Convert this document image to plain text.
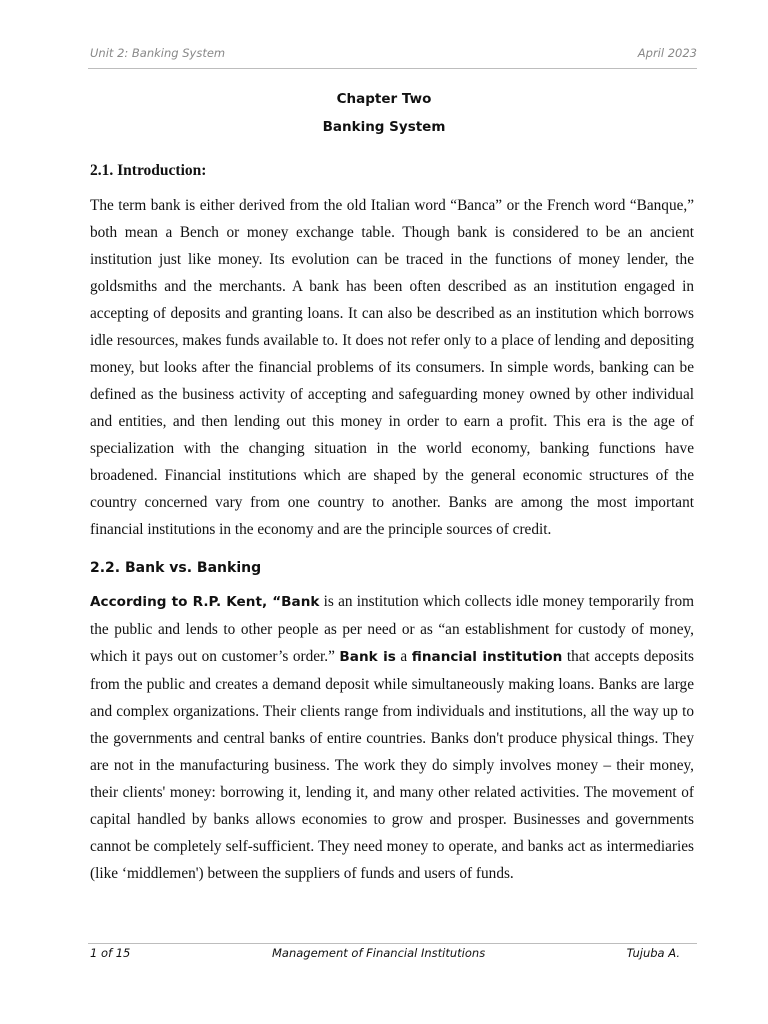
Unit 2: Banking System	April 2023
Chapter Two
Banking System
2.1. Introduction:

The term bank is either derived from the old Italian word “Banca” or the French word “Banque,” both mean a Bench or money exchange table. Though bank is considered to be an ancient institution just like money. Its evolution can be traced in the functions of money lender, the goldsmiths and the merchants. A bank has been often described as an institution engaged in accepting of deposits and granting loans. It can also be described as an institution which borrows idle resources, makes funds available to. It does not refer only to a place of lending and depositing money, but looks after the financial problems of its consumers. In simple words, banking can be defined as the business activity of accepting and safeguarding money owned by other individual and entities, and then lending out this money in order to earn a profit. This era is the age of specialization with the changing situation in the world economy, banking functions have broadened. Financial institutions which are shaped by the general economic structures of the country concerned vary from one country to another. Banks are among the most important financial institutions in the economy and are the principle sources of credit.

2.2. Bank vs. Banking

According to R.P. Kent, “Bank is an institution which collects idle money temporarily from the public and lends to other people as per need or as “an establishment for custody of money, which it pays out on customer’s order.” Bank is a financial institution that accepts deposits from the public and creates a demand deposit while simultaneously making loans. Banks are large and complex organizations. Their clients range from individuals and institutions, all the way up to the governments and central banks of entire countries. Banks don't produce physical things. They are not in the manufacturing business. The work they do simply involves money – their money, their clients' money: borrowing it, lending it, and many other related activities. The movement of capital handled by banks allows economies to grow and prosper. Businesses and governments cannot be completely self-sufficient. They need money to operate, and banks act as intermediaries (like ‘middlemen') between the suppliers of funds and users of funds.

1 of 15	Management of Financial Institutions	Tujuba A.
